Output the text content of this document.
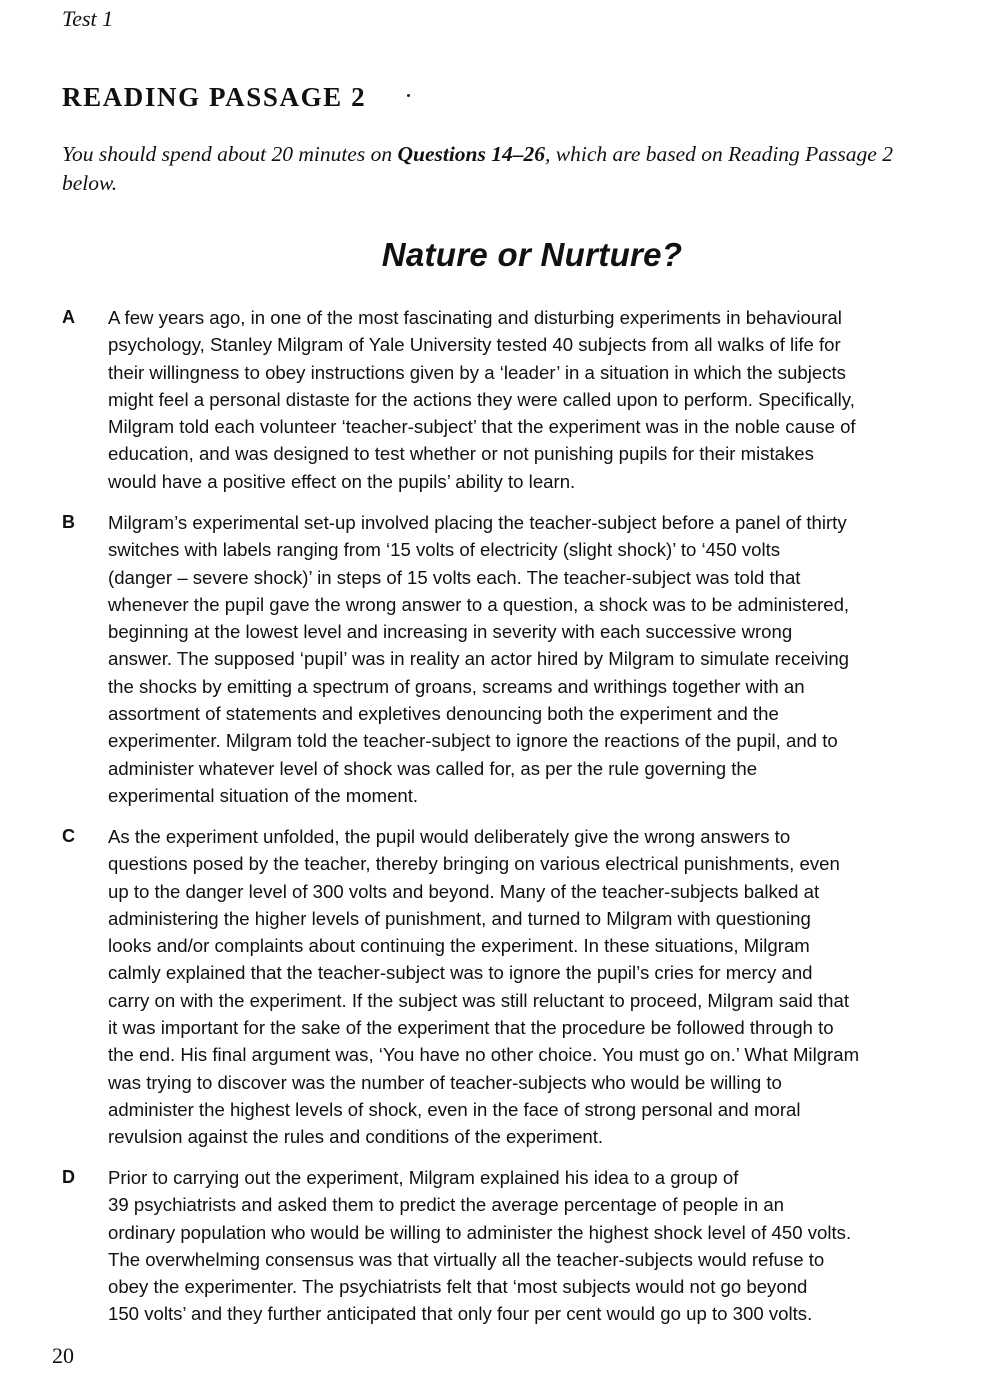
Test 1
READING PASSAGE 2
You should spend about 20 minutes on Questions 14–26, which are based on Reading Passage 2
below.
Nature or Nurture?
A A few years ago, in one of the most fascinating and disturbing experiments in behavioural
psychology, Stanley Milgram of Yale University tested 40 subjects from all walks of life for
their willingness to obey instructions given by a ‘leader’ in a situation in which the subjects
might feel a personal distaste for the actions they were called upon to perform. Specifically,
Milgram told each volunteer ‘teacher-subject’ that the experiment was in the noble cause of
education, and was designed to test whether or not punishing pupils for their mistakes
would have a positive effect on the pupils’ ability to learn.
B Milgram’s experimental set-up involved placing the teacher-subject before a panel of thirty
switches with labels ranging from ‘15 volts of electricity (slight shock)’ to ‘450 volts
(danger – severe shock)’ in steps of 15 volts each. The teacher-subject was told that
whenever the pupil gave the wrong answer to a question, a shock was to be administered,
beginning at the lowest level and increasing in severity with each successive wrong
answer. The supposed ‘pupil’ was in reality an actor hired by Milgram to simulate receiving
the shocks by emitting a spectrum of groans, screams and writhings together with an
assortment of statements and expletives denouncing both the experiment and the
experimenter. Milgram told the teacher-subject to ignore the reactions of the pupil, and to
administer whatever level of shock was called for, as per the rule governing the
experimental situation of the moment.
C As the experiment unfolded, the pupil would deliberately give the wrong answers to
questions posed by the teacher, thereby bringing on various electrical punishments, even
up to the danger level of 300 volts and beyond. Many of the teacher-subjects balked at
administering the higher levels of punishment, and turned to Milgram with questioning
looks and/or complaints about continuing the experiment. In these situations, Milgram
calmly explained that the teacher-subject was to ignore the pupil’s cries for mercy and
carry on with the experiment. If the subject was still reluctant to proceed, Milgram said that
it was important for the sake of the experiment that the procedure be followed through to
the end. His final argument was, ‘You have no other choice. You must go on.’ What Milgram
was trying to discover was the number of teacher-subjects who would be willing to
administer the highest levels of shock, even in the face of strong personal and moral
revulsion against the rules and conditions of the experiment.
D Prior to carrying out the experiment, Milgram explained his idea to a group of
39 psychiatrists and asked them to predict the average percentage of people in an
ordinary population who would be willing to administer the highest shock level of 450 volts.
The overwhelming consensus was that virtually all the teacher-subjects would refuse to
obey the experimenter. The psychiatrists felt that ‘most subjects would not go beyond
150 volts’ and they further anticipated that only four per cent would go up to 300 volts.
20
